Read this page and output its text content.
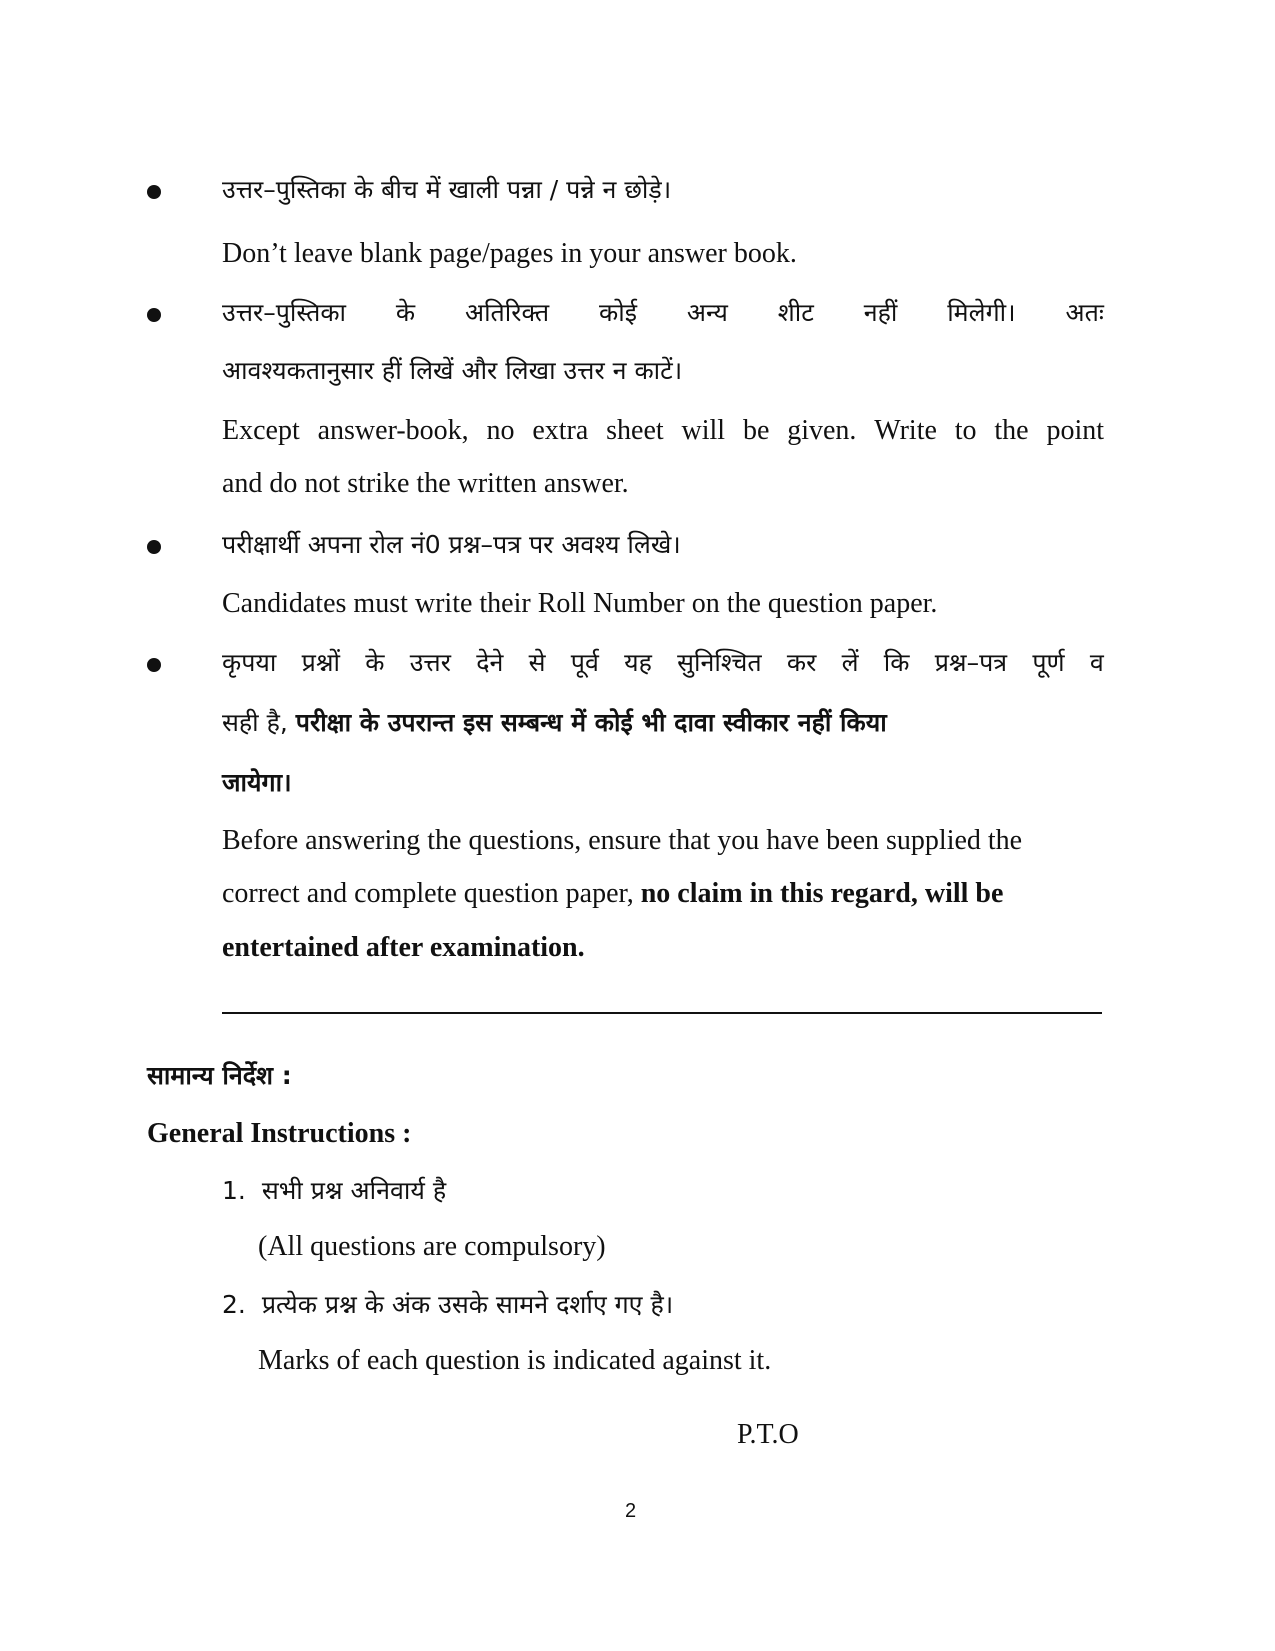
उत्तर–पुस्तिका के बीच में खाली पन्ना / पन्ने न छोड़े।
Don’t leave blank page/pages in your answer book.
उत्तर–पुस्तिका के अतिरिक्त कोई अन्य शीट नहीं मिलेगी। अतः
आवश्यकतानुसार हीं लिखें और लिखा उत्तर न काटें।
Except answer-book, no extra sheet will be given. Write to the point
and do not strike the written answer.
परीक्षार्थी अपना रोल नं0 प्रश्न–पत्र पर अवश्य लिखे।
Candidates must write their Roll Number on the question paper.
कृपया प्रश्नों के उत्तर देने से पूर्व यह सुनिश्चित कर लें कि प्रश्न–पत्र पूर्ण व
सही है, परीक्षा के उपरान्त इस सम्बन्ध में कोई भी दावा स्वीकार नहीं किया
जायेगा।
Before answering the questions, ensure that you have been supplied the
correct and complete question paper, no claim in this regard, will be
entertained after examination.
सामान्य निर्देश :
General Instructions :
1. सभी प्रश्न अनिवार्य है
(All questions are compulsory)
2. प्रत्येक प्रश्न के अंक उसके सामने दर्शाए गए है।
Marks of each question is indicated against it.
P.T.O
2
